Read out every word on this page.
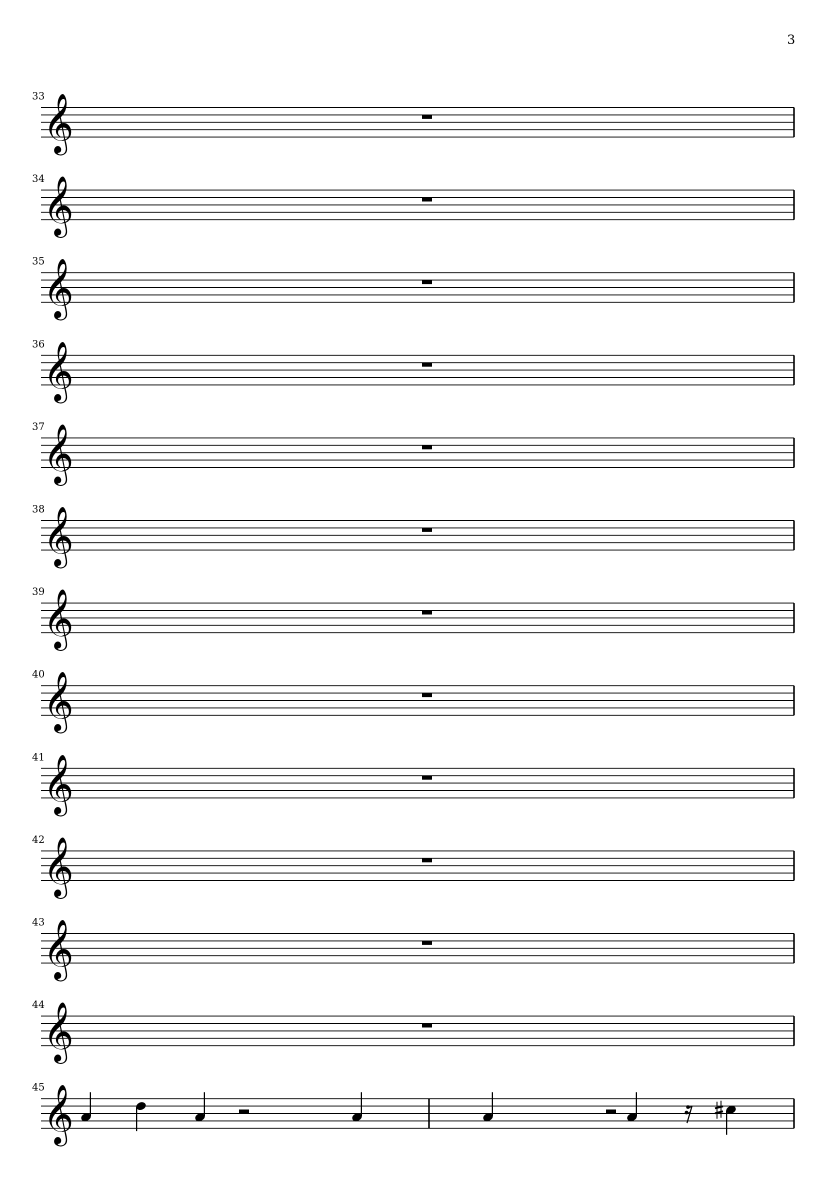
3
𝄞
33
𝄞
34
𝄞
35
𝄞
36
𝄞
37
𝄞
38
𝄞
39
𝄞
40
𝄞
41
𝄞
42
𝄞
43
𝄞
44
𝄞
45
